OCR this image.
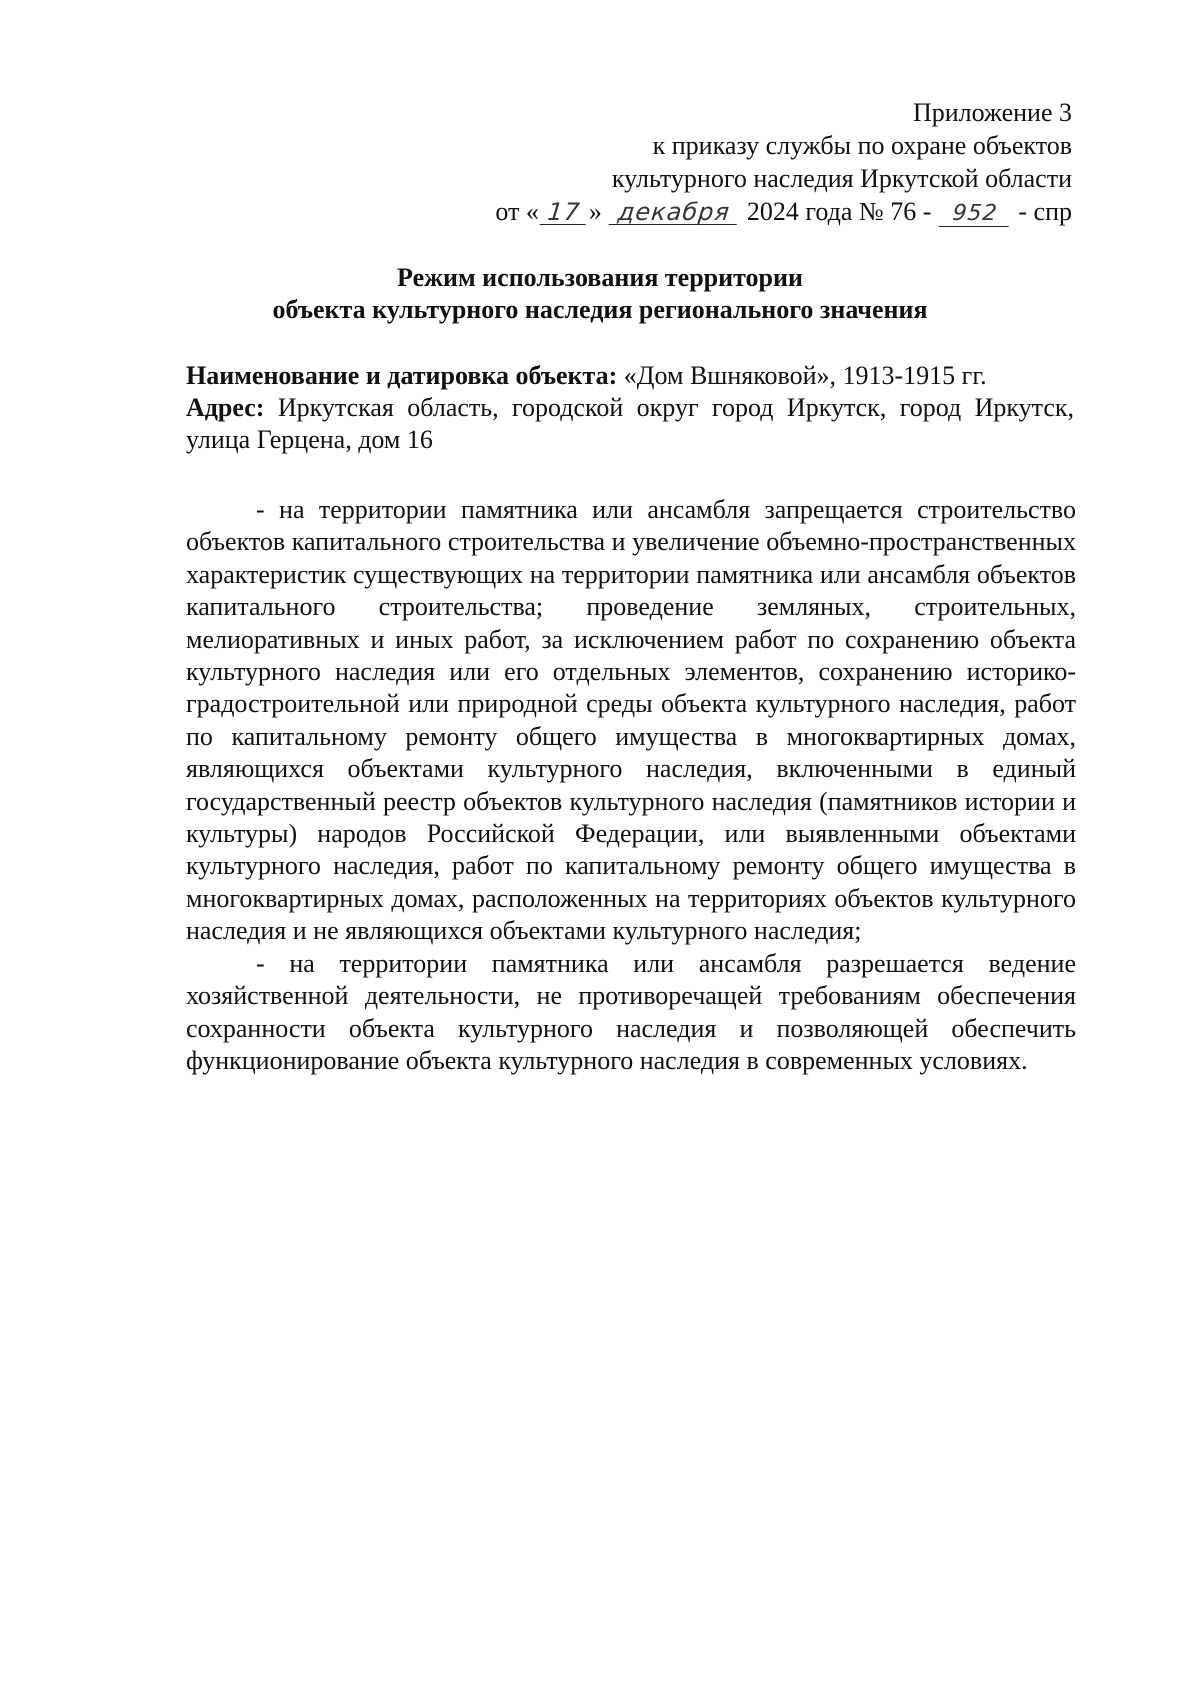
Приложение 3
к приказу службы по охране объектов
культурного наследия Иркутской области
от « 17 » декабря 2024 года № 76 - 952 - спр
Режим использования территории
объекта культурного наследия регионального значения

Наименование и датировка объекта: «Дом Вшняковой», 1913-1915 гг.

Адрес: Иркутская область, городской округ город Иркутск, город Иркутск, улица Герцена, дом 16

- на территории памятника или ансамбля запрещается строительство объектов капитального строительства и увеличение объемно-пространственных характеристик существующих на территории памятника или ансамбля объектов капитального строительства; проведение земляных, строительных, мелиоративных и иных работ, за исключением работ по сохранению объекта культурного наследия или его отдельных элементов, сохранению историко-градостроительной или природной среды объекта культурного наследия, работ по капитальному ремонту общего имущества в многоквартирных домах, являющихся объектами культурного наследия, включенными в единый государственный реестр объектов культурного наследия (памятников истории и культуры) народов Российской Федерации, или выявленными объектами культурного наследия, работ по капитальному ремонту общего имущества в многоквартирных домах, расположенных на территориях объектов культурного наследия и не являющихся объектами культурного наследия;

- на территории памятника или ансамбля разрешается ведение хозяйственной деятельности, не противоречащей требованиям обеспечения сохранности объекта культурного наследия и позволяющей обеспечить функционирование объекта культурного наследия в современных условиях.
